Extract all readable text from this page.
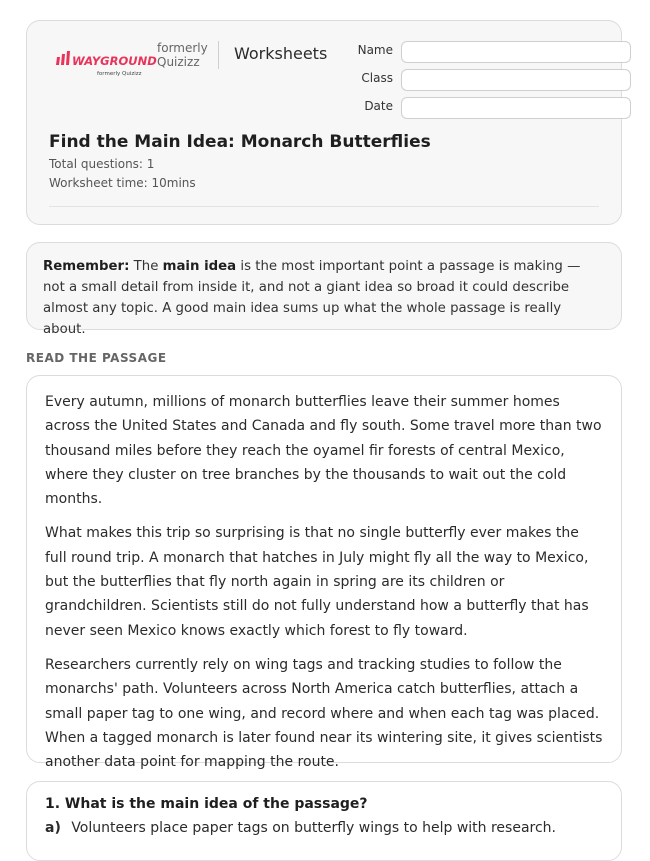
WAYGROUND
formerly Quizizz
formerly
Quizizz	Worksheets	Name
Class
Date
Find the Main Idea: Monarch Butterflies
Total questions: 1
Worksheet time: 10mins
Remember: The main idea is the most important point a passage is making — not a small detail from inside it, and not a giant idea so broad it could describe almost any topic. A good main idea sums up what the whole passage is really about.
READ THE PASSAGE

Every autumn, millions of monarch butterflies leave their summer homes across the United States and Canada and fly south. Some travel more than two thousand miles before they reach the oyamel fir forests of central Mexico, where they cluster on tree branches by the thousands to wait out the cold months.

What makes this trip so surprising is that no single butterfly ever makes the full round trip. A monarch that hatches in July might fly all the way to Mexico, but the butterflies that fly north again in spring are its children or grandchildren. Scientists still do not fully understand how a butterfly that has never seen Mexico knows exactly which forest to fly toward.

Researchers currently rely on wing tags and tracking studies to follow the monarchs' path. Volunteers across North America catch butterflies, attach a small paper tag to one wing, and record where and when each tag was placed. When a tagged monarch is later found near its wintering site, it gives scientists another data point for mapping the route.

1. What is the main idea of the passage?
a) Volunteers place paper tags on butterfly wings to help with research.
